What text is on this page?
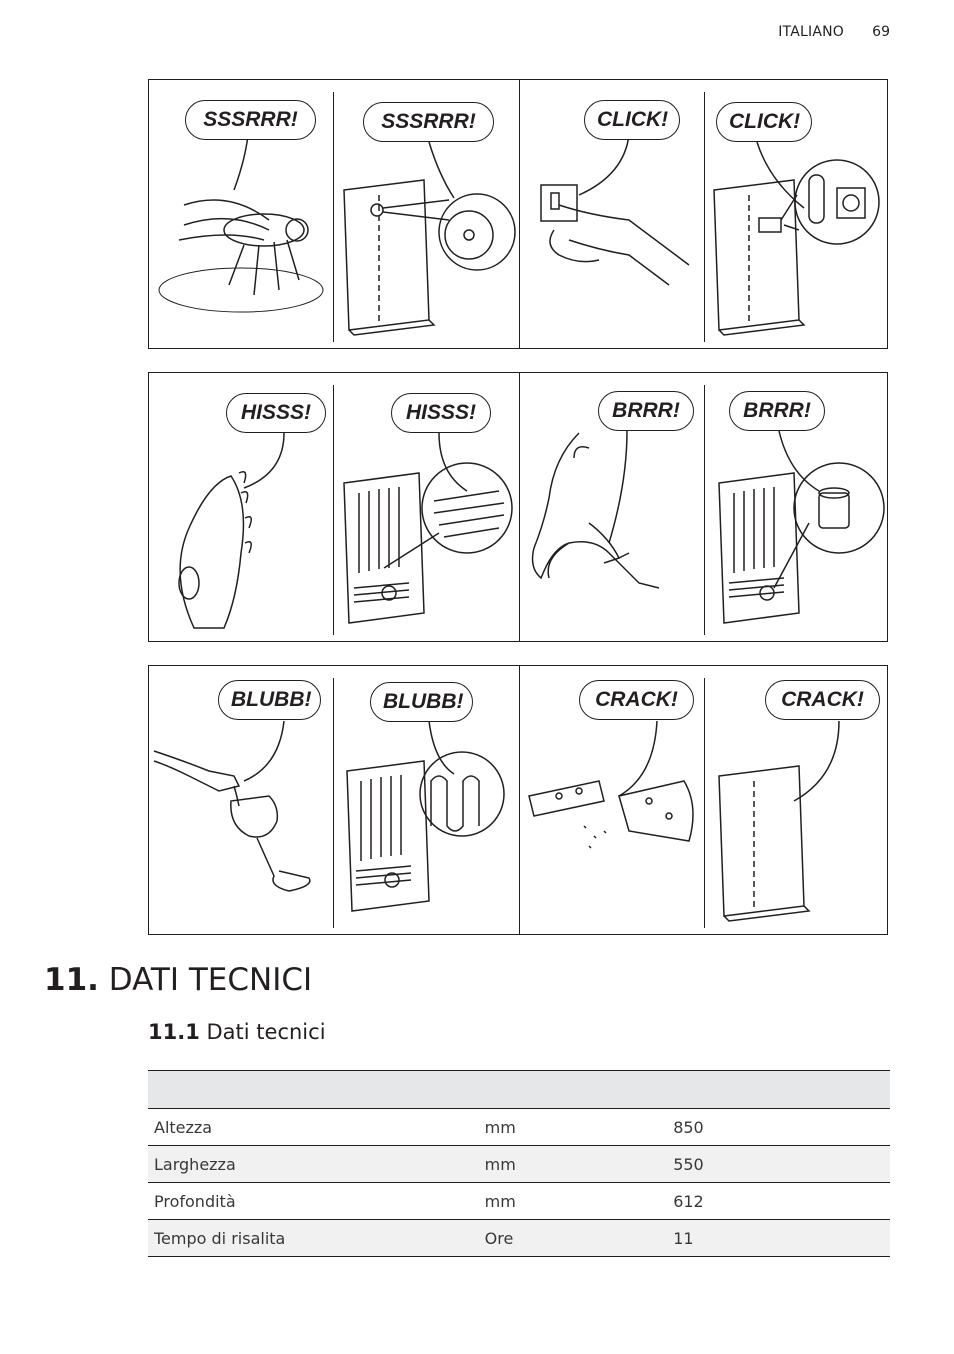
ITALIANO	69
SSSRRR!	SSSRRR!	CLICK!	CLICK!
HISSS!	HISSS!	BRRR!	BRRR!
BLUBB!	BLUBB!	CRACK!	CRACK!
11. DATI TECNICI
11.1 Dati tecnici

Altezza	mm	850
Larghezza	mm	550
Profondità	mm	612
Tempo di risalita	Ore	11
